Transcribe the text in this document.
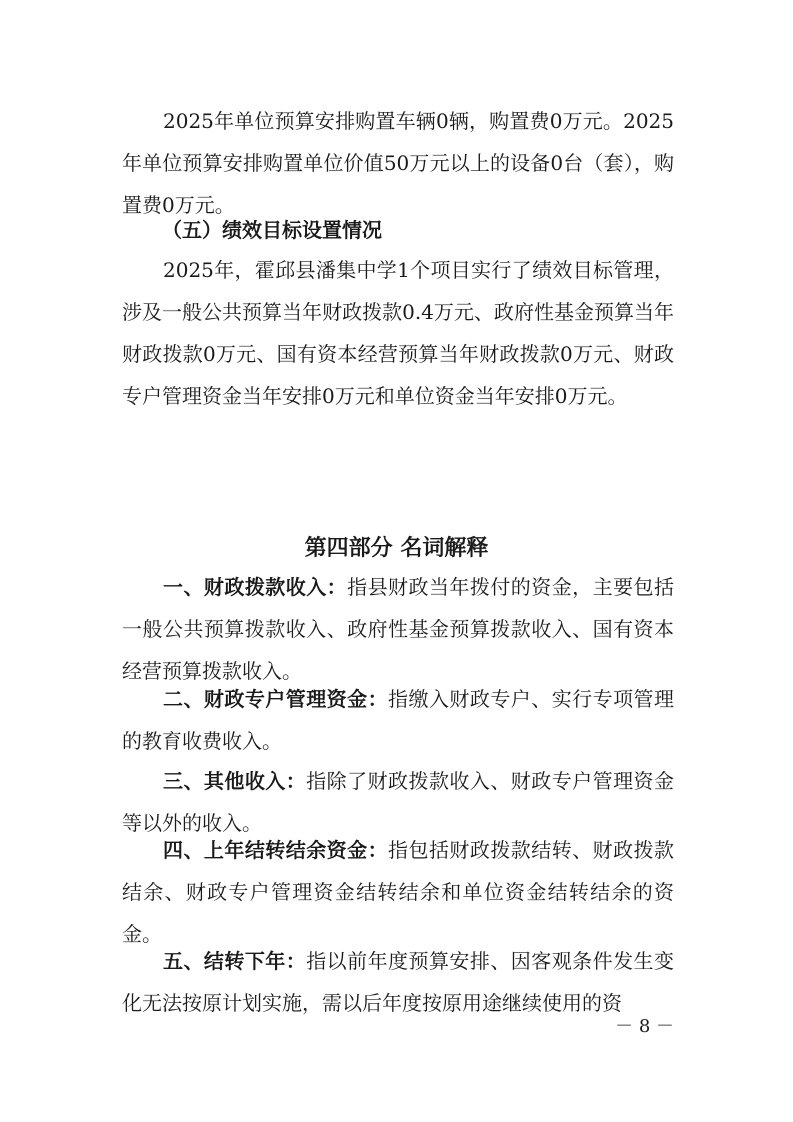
2025年单位预算安排购置车辆0辆，购置费0万元。2025年单位预算安排购置单位价值50万元以上的设备0台（套），购置费0万元。

（五）绩效目标设置情况

2025年，霍邱县潘集中学1个项目实行了绩效目标管理，涉及一般公共预算当年财政拨款0.4万元、政府性基金预算当年财政拨款0万元、国有资本经营预算当年财政拨款0万元、财政专户管理资金当年安排0万元和单位资金当年安排0万元。

第四部分 名词解释

一、财政拨款收入：指县财政当年拨付的资金，主要包括一般公共预算拨款收入、政府性基金预算拨款收入、国有资本经营预算拨款收入。

二、财政专户管理资金：指缴入财政专户、实行专项管理的教育收费收入。

三、其他收入：指除了财政拨款收入、财政专户管理资金等以外的收入。

四、上年结转结余资金：指包括财政拨款结转、财政拨款结余、财政专户管理资金结转结余和单位资金结转结余的资金。

五、结转下年：指以前年度预算安排、因客观条件发生变化无法按原计划实施，需以后年度按原用途继续使用的资

－ 8 －
